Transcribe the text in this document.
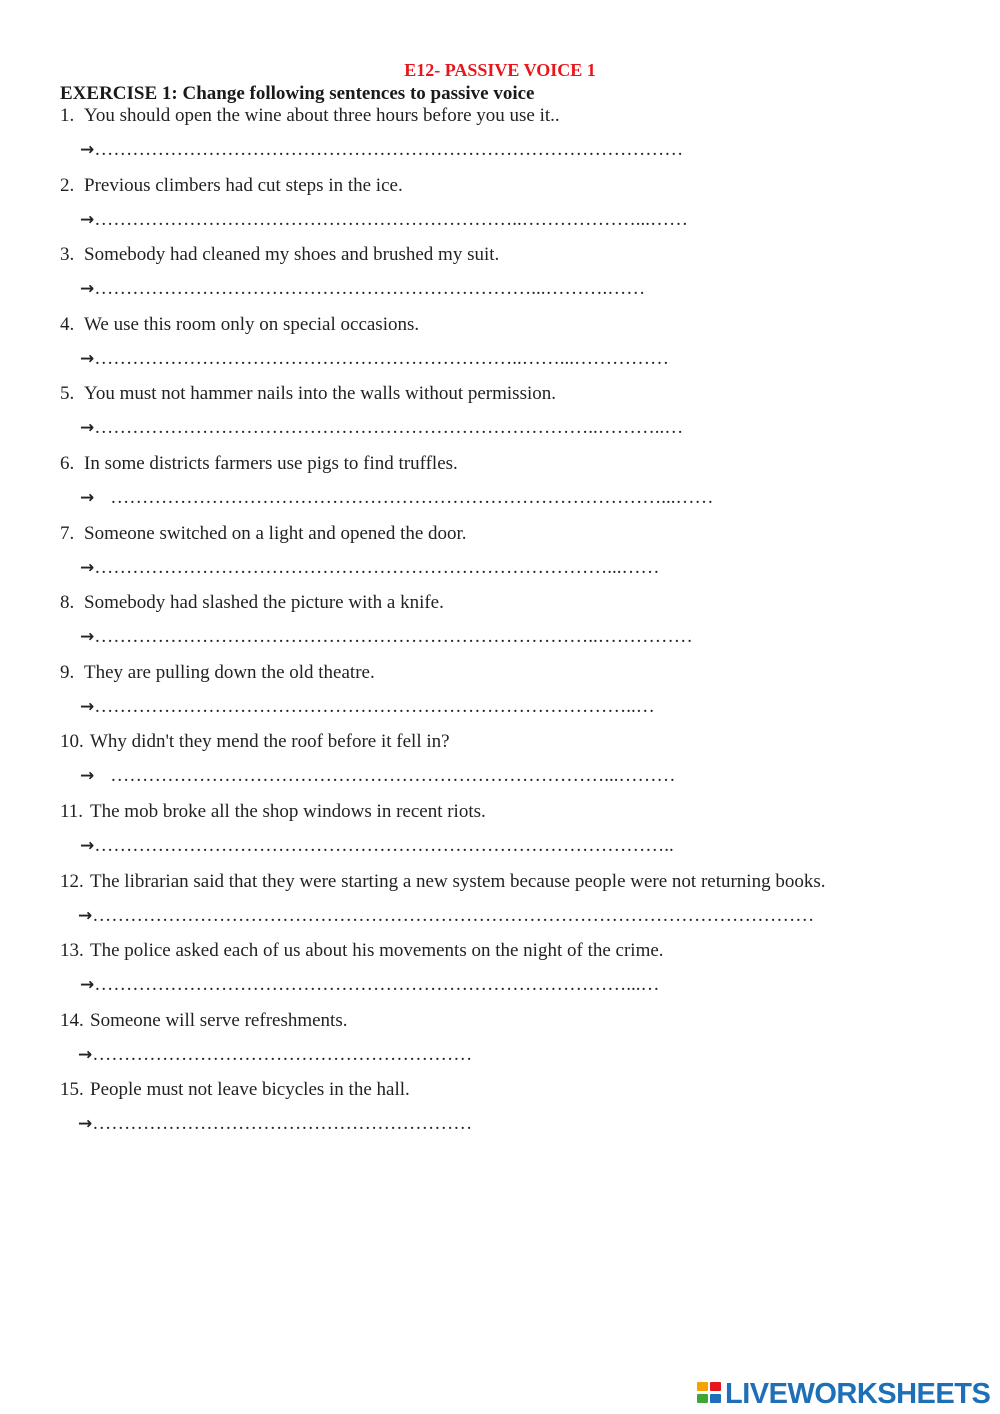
E12- PASSIVE VOICE 1
EXERCISE 1: Change following sentences to passive voice
1. You should open the wine about three hours before you use it..
→…………………………………………………………………………………
2. Previous climbers had cut steps in the ice.
→…………………………………………………………..………………...……
3. Somebody had cleaned my shoes and brushed my suit.
→……………………………………………………………...……….……
4. We use this room only on special occasions.
→…………………………………………………………..……...……………
5. You must not hammer nails into the walls without permission.
→……………………………………………………………………..………..…
6. In some districts farmers use pigs to find truffles.
→ ……………………………………………………………………………...……
7. Someone switched on a light and opened the door.
→………………………………………………………………………...……
8. Somebody had slashed the picture with a knife.
→……………………………………………………………………..……………
9. They are pulling down the old theatre.
→…………………………………………………………………………..…
10. Why didn't they mend the roof before it fell in?
→ ……………………………………………………………………...………
11. The mob broke all the shop windows in recent riots.
→………………………………………………………………………………..
12. The librarian said that they were starting a new system because people were not returning books.
→……………………………………………………………………………………………………
13. The police asked each of us about his movements on the night of the crime.
→…………………………………………………………………………...…
14. Someone will serve refreshments.
→……………………………………………………
15. People must not leave bicycles in the hall.
→……………………………………………………
LIVEWORKSHEETS
